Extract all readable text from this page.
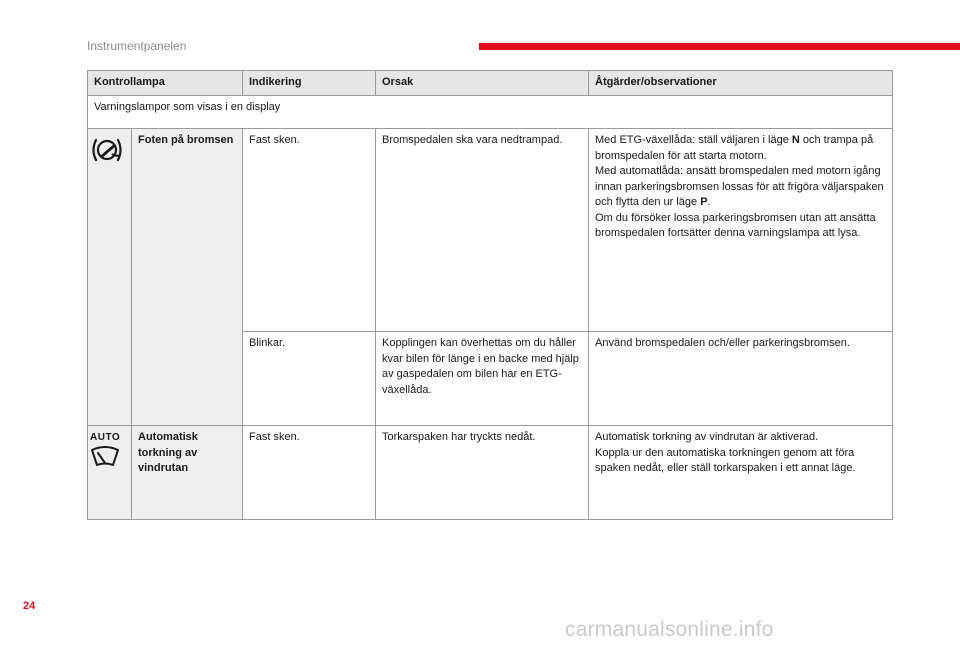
Instrumentpanelen
Kontrollampa		Indikering	Orsak	Åtgärder/observationer
Varningslampor som visas i en display				
	Foten på bromsen	Fast sken.	Bromspedalen ska vara nedtrampad.	Med ETG-växellåda: ställ väljaren i läge N och trampa på bromspedalen för att starta motorn.
Med automatlåda: ansätt bromspedalen med motorn igång innan parkeringsbromsen lossas för att frigöra väljarspaken och flytta den ur läge P.
Om du försöker lossa parkeringsbromsen utan att ansätta bromspedalen fortsätter denna varningslampa att lysa.
		Blinkar.	Kopplingen kan överhettas om du håller kvar bilen för länge i en backe med hjälp av gaspedalen om bilen har en ETG-växellåda.	Använd bromspedalen och/eller parkeringsbromsen.

AUTO	Automatisk torkning av vindrutan	Fast sken.	Torkarspaken har tryckts nedåt.	Automatisk torkning av vindrutan är aktiverad.
Koppla ur den automatiska torkningen genom att föra spaken nedåt, eller ställ torkarspaken i ett annat läge.
24
carmanualsonline.info
